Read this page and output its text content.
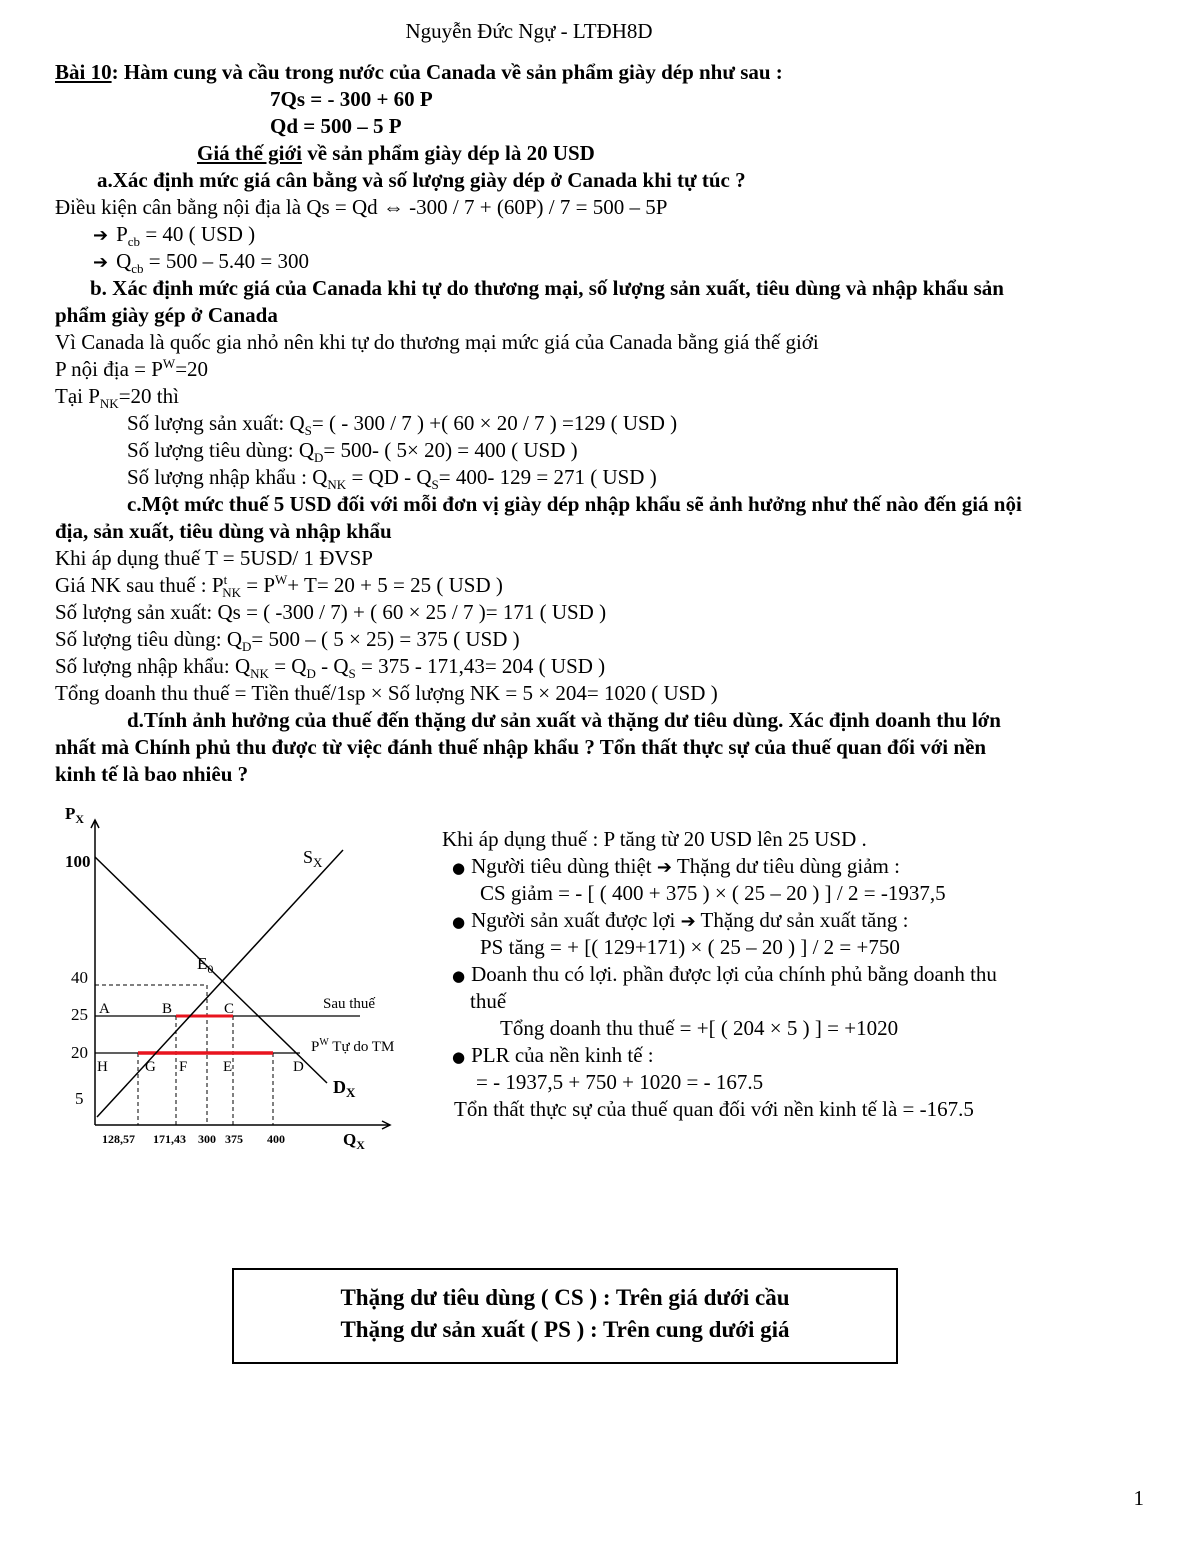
Nguyễn Đức Ngự - LTĐH8D
Bài 10: Hàm cung và cầu trong nước của Canada về sản phẩm giày dép như sau :
7Qs = - 300 + 60 P
Qd = 500 – 5 P
Giá thế giới về sản phẩm giày dép là 20 USD
a.Xác định mức giá cân bằng và số lượng giày dép ở Canada khi tự túc ?
Điều kiện cân bằng nội địa là Qs = Qd ⇔ -300 / 7 + (60P) / 7 = 500 – 5P
➔ $P_{cb} = 40$ ( USD )
➔ $Q_{cb} = 500 - 5.40 = 300$
b. Xác định mức giá của Canada khi tự do thương mại, số lượng sản xuất, tiêu dùng và nhập khẩu sản
phẩm giày gép ở Canada
Vì Canada là quốc gia nhỏ nên khi tự do thương mại mức giá của Canada bằng giá thế giới
P nội địa = $P^W=20$
Tại $P_{NK}=20$ thì
Số lượng sản xuất: $Q_S=$ ( - 300 / 7 ) +( 60 × 20 / 7 ) =129 ( USD )
Số lượng tiêu dùng: $Q_D= 500-$ ( 5× 20) = 400 ( USD )
Số lượng nhập khẩu : $Q_{NK}$ = QD - $Q_S= 400-$ 129 = 271 ( USD )
c.Một mức thuế 5 USD đối với mỗi đơn vị giày dép nhập khẩu sẽ ảnh hưởng như thế nào đến giá nội
địa, sản xuất, tiêu dùng và nhập khẩu
Khi áp dụng thuế T = 5USD/ 1 ĐVSP
Giá NK sau thuế : $P^t_{NK} = P^W+ T= 20 + 5 = 25$ ( USD )
Số lượng sản xuất: Qs = ( -300 / 7) + ( 60 × 25 / 7 )= 171 ( USD )
Số lượng tiêu dùng: $Q_D= 500$ – ( 5 × 25) = 375 ( USD )
Số lượng nhập khẩu: $Q_{NK} = Q_D - Q_S = 375 - 171,43= 204$ ( USD )
Tổng doanh thu thuế = Tiền thuế/1sp × Số lượng NK = 5 × 204= 1020 ( USD )
d.Tính ảnh hưởng của thuế đến thặng dư sản xuất và thặng dư tiêu dùng. Xác định doanh thu lớn
nhất mà Chính phủ thu được từ việc đánh thuế nhập khẩu ? Tổn thất thực sự của thuế quan đối với nền
kinh tế là bao nhiêu ?
$P_X$
$Q_X$
100
40
25
20
5
128,57 171,43 300 375 400
$S_X$
$D_X$
$E_0$
Sau thuế
$P^W$ Tự do TM
A	B	C
H G F E	D
Khi áp dụng thuế : P tăng từ 20 USD lên 25 USD .
● Người tiêu dùng thiệt ➔ Thặng dư tiêu dùng giảm :
CS giảm = - [ ( 400 + 375 ) × ( 25 – 20 ) ] / 2 = -1937,5
● Người sản xuất được lợi ➔ Thặng dư sản xuất tăng :
PS tăng = + [( 129+171) × ( 25 – 20 ) ] / 2 = +750
● Doanh thu có lợi. phần được lợi của chính phủ bằng doanh thu
thuế
Tổng doanh thu thuế = +[ ( 204 × 5 ) ] = +1020
● PLR của nền kinh tế :
= - 1937,5 + 750 + 1020 = - 167.5
Tổn thất thực sự của thuế quan đối với nền kinh tế là = -167.5
Thặng dư tiêu dùng ( CS ) : Trên giá dưới cầu
Thặng dư sản xuất ( PS ) : Trên cung dưới giá
1
